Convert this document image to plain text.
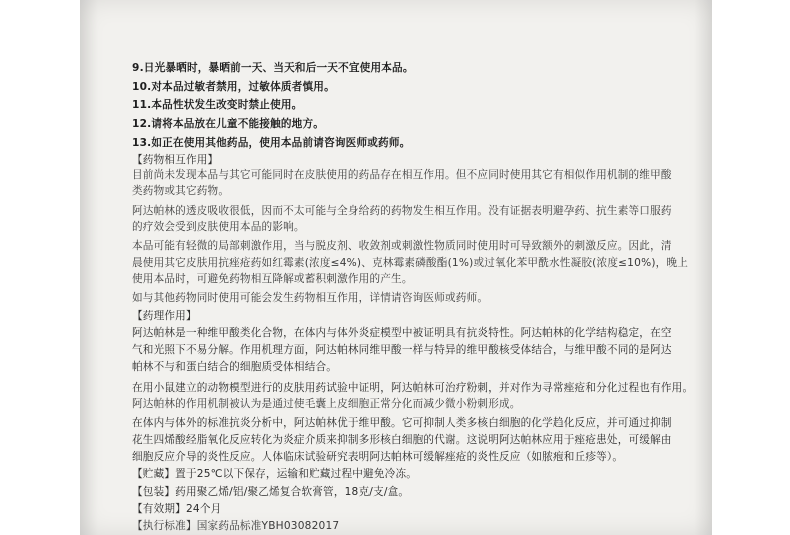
9.日光暴晒时，暴晒前一天、当天和后一天不宜使用本品。
10.对本品过敏者禁用，过敏体质者慎用。
11.本品性状发生改变时禁止使用。
12.请将本品放在儿童不能接触的地方。
13.如正在使用其他药品，使用本品前请咨询医师或药师。
【药物相互作用】
目前尚未发现本品与其它可能同时在皮肤使用的药品存在相互作用。但不应同时使用其它有相似作用机制的维甲酸
类药物或其它药物。
阿达帕林的透皮吸收很低，因而不太可能与全身给药的药物发生相互作用。没有证据表明避孕药、抗生素等口服药
的疗效会受到皮肤使用本品的影响。
本品可能有轻微的局部刺激作用，当与脱皮剂、收敛剂或刺激性物质同时使用时可导致额外的刺激反应。因此，清
晨使用其它皮肤用抗痤疮药如红霉素(浓度≤4%)、克林霉素磷酸酯(1%)或过氧化苯甲酰水性凝胶(浓度≤10%)，晚上
使用本品时，可避免药物相互降解或蓄积刺激作用的产生。
如与其他药物同时使用可能会发生药物相互作用，详情请咨询医师或药师。
【药理作用】
阿达帕林是一种维甲酸类化合物，在体内与体外炎症模型中被证明具有抗炎特性。阿达帕林的化学结构稳定，在空
气和光照下不易分解。作用机理方面，阿达帕林同维甲酸一样与特异的维甲酸核受体结合，与维甲酸不同的是阿达
帕林不与和蛋白结合的细胞质受体相结合。
在用小鼠建立的动物模型进行的皮肤用药试验中证明，阿达帕林可治疗粉刺，并对作为寻常痤疮和分化过程也有作用。
阿达帕林的作用机制被认为是通过使毛囊上皮细胞正常分化而减少微小粉刺形成。
在体内与体外的标准抗炎分析中，阿达帕林优于维甲酸。它可抑制人类多核白细胞的化学趋化反应，并可通过抑制
花生四烯酸经脂氧化反应转化为炎症介质来抑制多形核白细胞的代谢。这说明阿达帕林应用于痤疮患处，可缓解由
细胞反应介导的炎性反应。人体临床试验研究表明阿达帕林可缓解痤疮的炎性反应（如脓疱和丘疹等）。
【贮藏】置于25℃以下保存，运输和贮藏过程中避免冷冻。
【包装】药用聚乙烯/铝/聚乙烯复合软膏管，18克/支/盒。
【有效期】24个月
【执行标准】国家药品标准YBH03082017
